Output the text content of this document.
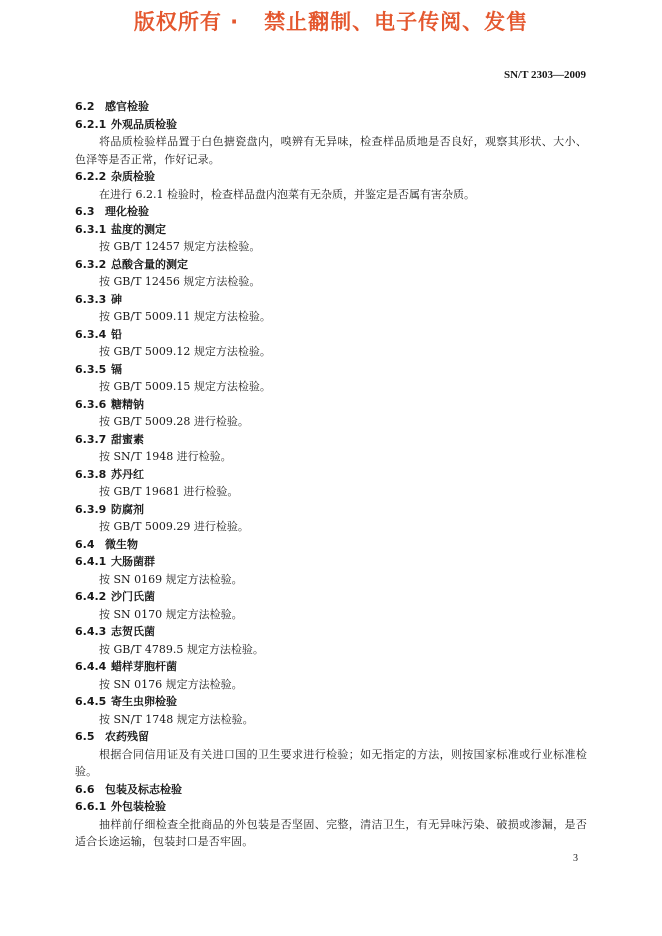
版权所有 ·   禁止翻制、电子传阅、发售
SN/T 2303—2009
6.2 感官检验
6.2.1 外观品质检验
将品质检验样品置于白色搪瓷盘内，嗅辨有无异味，检查样品质地是否良好，观察其形状、大小、色泽等是否正常，作好记录。
6.2.2 杂质检验
在进行 6.2.1 检验时，检查样品盘内泡菜有无杂质，并鉴定是否属有害杂质。
6.3 理化检验
6.3.1 盐度的测定
按 GB/T 12457 规定方法检验。
6.3.2 总酸含量的测定
按 GB/T 12456 规定方法检验。
6.3.3 砷
按 GB/T 5009.11 规定方法检验。
6.3.4 铅
按 GB/T 5009.12 规定方法检验。
6.3.5 镉
按 GB/T 5009.15 规定方法检验。
6.3.6 糖精钠
按 GB/T 5009.28 进行检验。
6.3.7 甜蜜素
按 SN/T 1948 进行检验。
6.3.8 苏丹红
按 GB/T 19681 进行检验。
6.3.9 防腐剂
按 GB/T 5009.29 进行检验。
6.4 微生物
6.4.1 大肠菌群
按 SN 0169 规定方法检验。
6.4.2 沙门氏菌
按 SN 0170 规定方法检验。
6.4.3 志贺氏菌
按 GB/T 4789.5 规定方法检验。
6.4.4 蜡样芽胞杆菌
按 SN 0176 规定方法检验。
6.4.5 寄生虫卵检验
按 SN/T 1748 规定方法检验。
6.5 农药残留
根据合同信用证及有关进口国的卫生要求进行检验；如无指定的方法，则按国家标准或行业标准检验。
6.6 包装及标志检验
6.6.1 外包装检验
抽样前仔细检查全批商品的外包装是否坚固、完整，清洁卫生，有无异味污染、破损或渗漏，是否适合长途运输，包装封口是否牢固。
3
